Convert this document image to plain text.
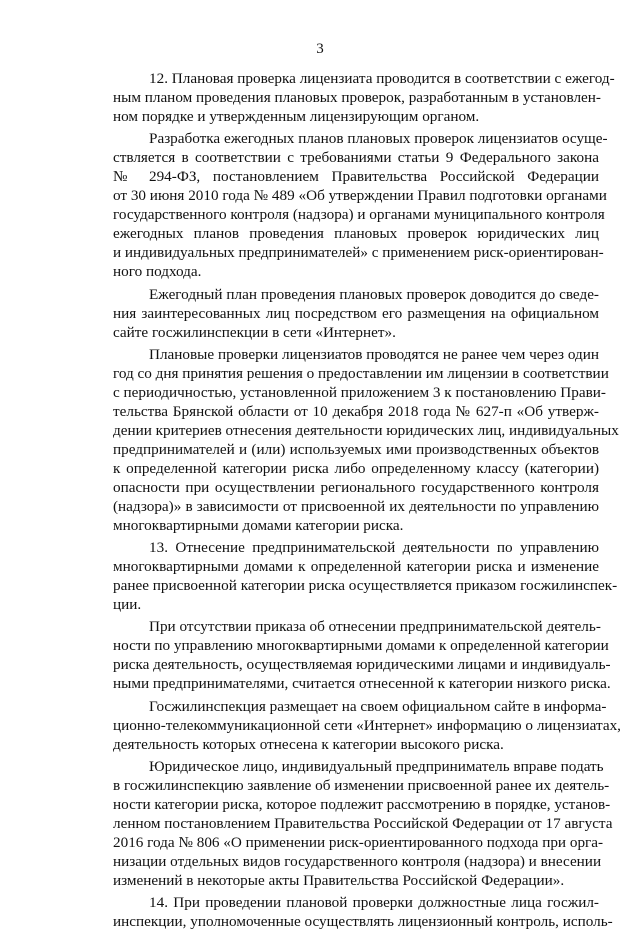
3
12. Плановая проверка лицензиата проводится в соответствии с ежегод-
ным планом проведения плановых проверок, разработанным в установлен-
ном порядке и утвержденным лицензирующим органом.
Разработка ежегодных планов плановых проверок лицензиатов осуще-
ствляется в соответствии с требованиями статьи 9 Федерального закона
№ 294-ФЗ, постановлением Правительства Российской Федерации
от 30 июня 2010 года № 489 «Об утверждении Правил подготовки органами
государственного контроля (надзора) и органами муниципального контроля
ежегодных планов проведения плановых проверок юридических лиц
и индивидуальных предпринимателей» с применением риск-ориентирован-
ного подхода.
Ежегодный план проведения плановых проверок доводится до сведе-
ния заинтересованных лиц посредством его размещения на официальном
сайте госжилинспекции в сети «Интернет».
Плановые проверки лицензиатов проводятся не ранее чем через один
год со дня принятия решения о предоставлении им лицензии в соответствии
с периодичностью, установленной приложением 3 к постановлению Прави-
тельства Брянской области от 10 декабря 2018 года № 627-п «Об утверж-
дении критериев отнесения деятельности юридических лиц, индивидуальных
предпринимателей и (или) используемых ими производственных объектов
к определенной категории риска либо определенному классу (категории)
опасности при осуществлении регионального государственного контроля
(надзора)» в зависимости от присвоенной их деятельности по управлению
многоквартирными домами категории риска.
13. Отнесение предпринимательской деятельности по управлению
многоквартирными домами к определенной категории риска и изменение
ранее присвоенной категории риска осуществляется приказом госжилинспек-
ции.
При отсутствии приказа об отнесении предпринимательской деятель-
ности по управлению многоквартирными домами к определенной категории
риска деятельность, осуществляемая юридическими лицами и индивидуаль-
ными предпринимателями, считается отнесенной к категории низкого риска.
Госжилинспекция размещает на своем официальном сайте в информа-
ционно-телекоммуникационной сети «Интернет» информацию о лицензиатах,
деятельность которых отнесена к категории высокого риска.
Юридическое лицо, индивидуальный предприниматель вправе подать
в госжилинспекцию заявление об изменении присвоенной ранее их деятель-
ности категории риска, которое подлежит рассмотрению в порядке, установ-
ленном постановлением Правительства Российской Федерации от 17 августа
2016 года № 806 «О применении риск-ориентированного подхода при орга-
низации отдельных видов государственного контроля (надзора) и внесении
изменений в некоторые акты Правительства Российской Федерации».
14. При проведении плановой проверки должностные лица госжил-
инспекции, уполномоченные осуществлять лицензионный контроль, исполь-
